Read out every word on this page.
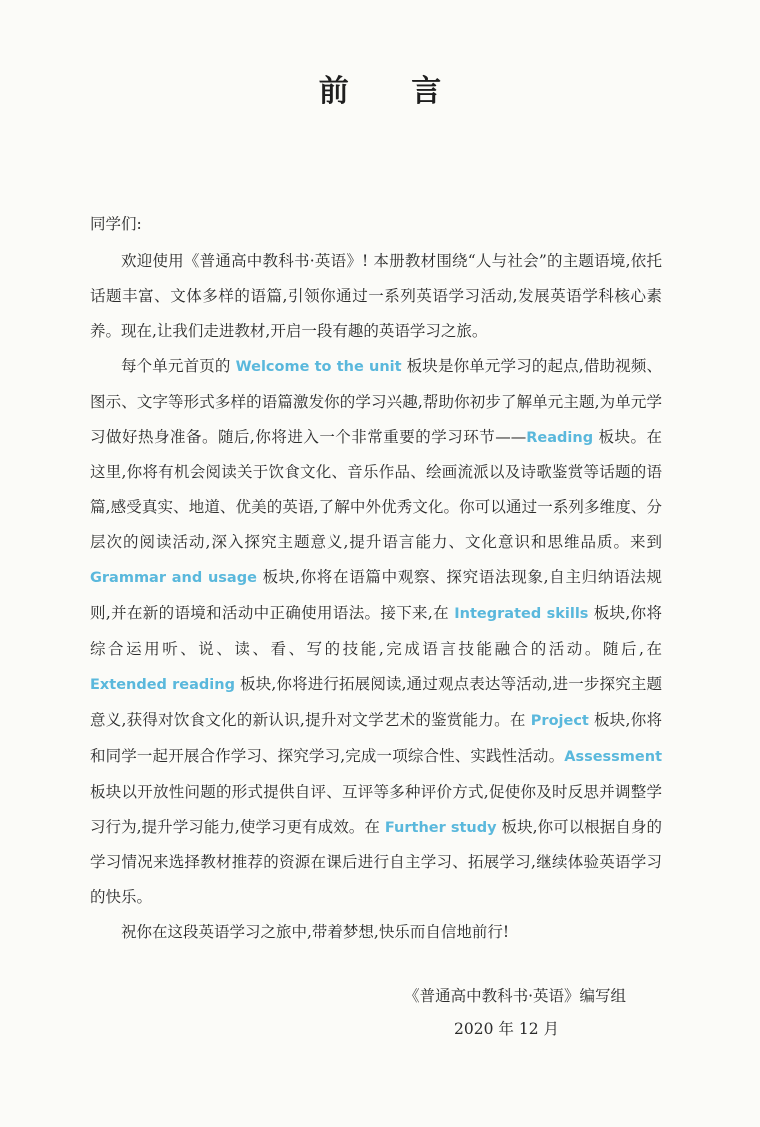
前 言
同学们:

欢迎使用《普通高中教科书·英语》! 本册教材围绕“人与社会”的主题语境,依托话题丰富、文体多样的语篇,引领你通过一系列英语学习活动,发展英语学科核心素养。现在,让我们走进教材,开启一段有趣的英语学习之旅。

每个单元首页的 Welcome to the unit 板块是你单元学习的起点,借助视频、图示、文字等形式多样的语篇激发你的学习兴趣,帮助你初步了解单元主题,为单元学习做好热身准备。随后,你将进入一个非常重要的学习环节——Reading 板块。在这里,你将有机会阅读关于饮食文化、音乐作品、绘画流派以及诗歌鉴赏等话题的语篇,感受真实、地道、优美的英语,了解中外优秀文化。你可以通过一系列多维度、分层次的阅读活动,深入探究主题意义,提升语言能力、文化意识和思维品质。来到 Grammar and usage 板块,你将在语篇中观察、探究语法现象,自主归纳语法规则,并在新的语境和活动中正确使用语法。接下来,在 Integrated skills 板块,你将综合运用听、说、读、看、写的技能,完成语言技能融合的活动。随后,在 Extended reading 板块,你将进行拓展阅读,通过观点表达等活动,进一步探究主题意义,获得对饮食文化的新认识,提升对文学艺术的鉴赏能力。在 Project 板块,你将和同学一起开展合作学习、探究学习,完成一项综合性、实践性活动。Assessment 板块以开放性问题的形式提供自评、互评等多种评价方式,促使你及时反思并调整学习行为,提升学习能力,使学习更有成效。在 Further study 板块,你可以根据自身的学习情况来选择教材推荐的资源在课后进行自主学习、拓展学习,继续体验英语学习的快乐。

祝你在这段英语学习之旅中,带着梦想,快乐而自信地前行!

《普通高中教科书·英语》编写组
2020 年 12 月
